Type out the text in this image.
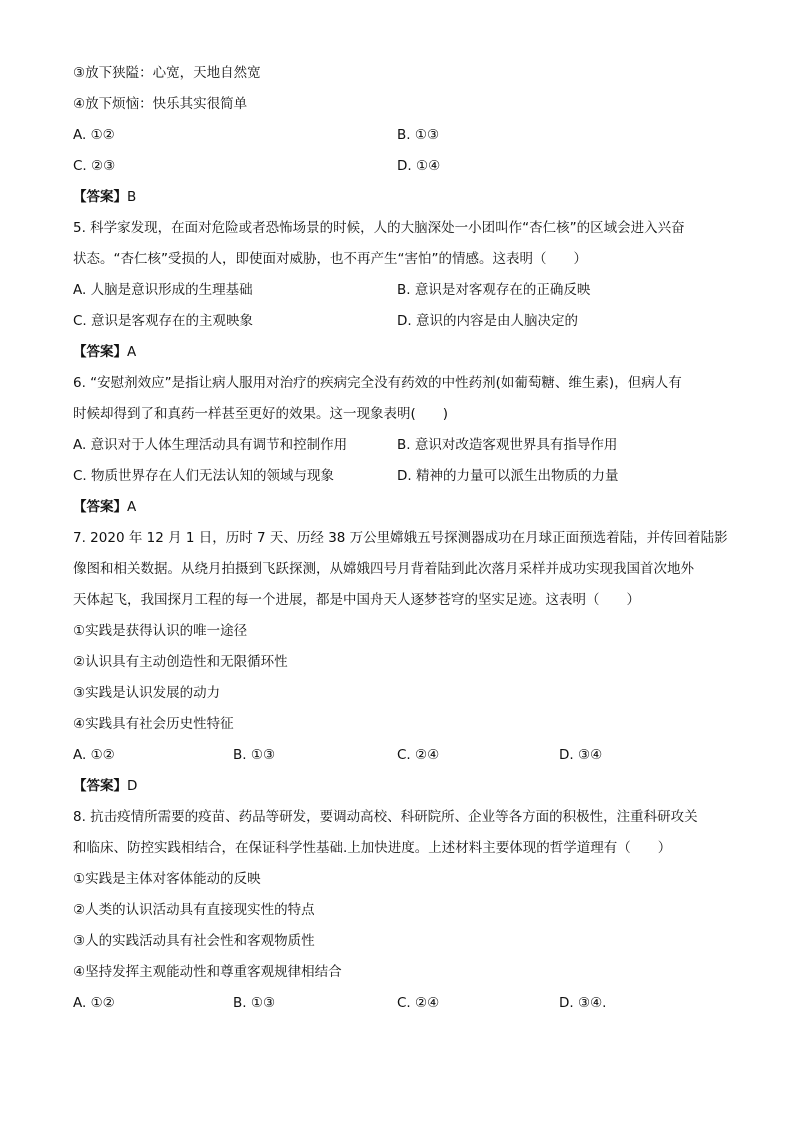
③放下狭隘：心宽，天地自然宽
④放下烦恼：快乐其实很简单
A. ①②	B. ①③
C. ②③	D. ①④
【答案】B
5. 科学家发现，在面对危险或者恐怖场景的时候，人的大脑深处一小团叫作“杏仁核”的区域会进入兴奋
状态。“杏仁核”受损的人，即使面对威胁，也不再产生“害怕”的情感。这表明（　　）
A. 人脑是意识形成的生理基础	B. 意识是对客观存在的正确反映
C. 意识是客观存在的主观映象	D. 意识的内容是由人脑决定的
【答案】A
6. “安慰剂效应”是指让病人服用对治疗的疾病完全没有药效的中性药剂(如葡萄糖、维生素)，但病人有
时候却得到了和真药一样甚至更好的效果。这一现象表明(　　)
A. 意识对于人体生理活动具有调节和控制作用	B. 意识对改造客观世界具有指导作用
C. 物质世界存在人们无法认知的领域与现象	D. 精神的力量可以派生出物质的力量
【答案】A
7. 2020 年 12 月 1 日，历时 7 天、历经 38 万公里嫦娥五号探测器成功在月球正面预选着陆，并传回着陆影
像图和相关数据。从绕月拍摄到飞跃探测，从嫦娥四号月背着陆到此次落月采样并成功实现我国首次地外
天体起飞，我国探月工程的每一个进展，都是中国舟天人逐梦苍穹的坚实足迹。这表明（　　）
①实践是获得认识的唯一途径
②认识具有主动创造性和无限循环性
③实践是认识发展的动力
④实践具有社会历史性特征
A. ①②	B. ①③	C. ②④	D. ③④
【答案】D
8. 抗击疫情所需要的疫苗、药品等研发，要调动高校、科研院所、企业等各方面的积极性，注重科研攻关
和临床、防控实践相结合，在保证科学性基础.上加快进度。上述材料主要体现的哲学道理有（　　）
①实践是主体对客体能动的反映
②人类的认识活动具有直接现实性的特点
③人的实践活动具有社会性和客观物质性
④坚持发挥主观能动性和尊重客观规律相结合
A. ①②	B. ①③	C. ②④	D. ③④.
